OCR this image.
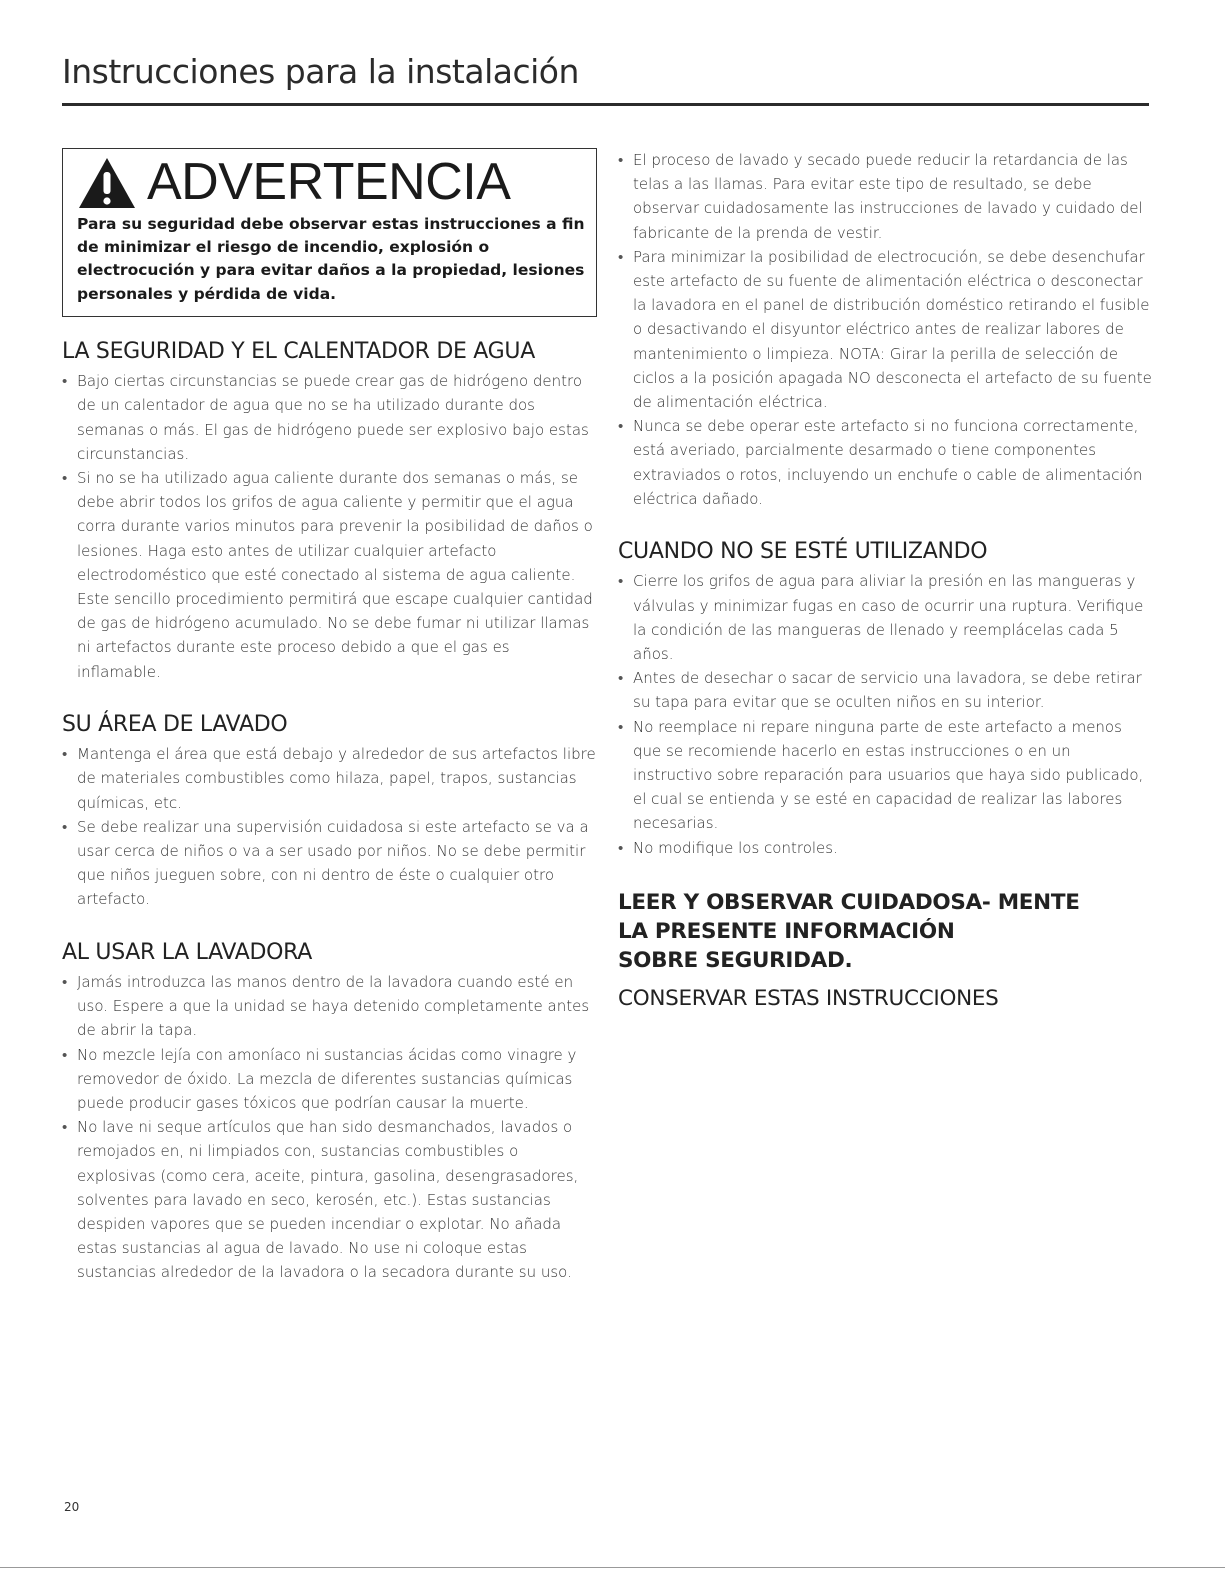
Instrucciones para la instalación
ADVERTENCIA

Para su seguridad debe observar estas instrucciones a fin de minimizar el riesgo de incendio, explosión o electrocución y para evitar daños a la propiedad, lesiones personales y pérdida de vida.

LA SEGURIDAD Y EL CALENTADOR DE AGUA
• Bajo ciertas circunstancias se puede crear gas de hidrógeno dentro de un calentador de agua que no se ha utilizado durante dos semanas o más. El gas de hidrógeno puede ser explosivo bajo estas circunstancias.
• Si no se ha utilizado agua caliente durante dos semanas o más, se debe abrir todos los grifos de agua caliente y permitir que el agua corra durante varios minutos para prevenir la posibilidad de daños o lesiones. Haga esto antes de utilizar cualquier artefacto electrodoméstico que esté conectado al sistema de agua caliente. Este sencillo procedimiento permitirá que escape cualquier cantidad de gas de hidrógeno acumulado. No se debe fumar ni utilizar llamas ni artefactos durante este proceso debido a que el gas es inflamable.
SU ÁREA DE LAVADO
• Mantenga el área que está debajo y alrededor de sus artefactos libre de materiales combustibles como hilaza, papel, trapos, sustancias químicas, etc.
• Se debe realizar una supervisión cuidadosa si este artefacto se va a usar cerca de niños o va a ser usado por niños. No se debe permitir que niños jueguen sobre, con ni dentro de éste o cualquier otro artefacto.
AL USAR LA LAVADORA
• Jamás introduzca las manos dentro de la lavadora cuando esté en uso. Espere a que la unidad se haya detenido completamente antes de abrir la tapa.
• No mezcle lejía con amoníaco ni sustancias ácidas como vinagre y removedor de óxido. La mezcla de diferentes sustancias químicas puede producir gases tóxicos que podrían causar la muerte.
• No lave ni seque artículos que han sido desmanchados, lavados o remojados en, ni limpiados con, sustancias combustibles o explosivas (como cera, aceite, pintura, gasolina, desengrasadores, solventes para lavado en seco, kerosén, etc.). Estas sustancias despiden vapores que se pueden incendiar o explotar. No añada estas sustancias al agua de lavado. No use ni coloque estas sustancias alrededor de la lavadora o la secadora durante su uso.
• El proceso de lavado y secado puede reducir la retardancia de las telas a las llamas. Para evitar este tipo de resultado, se debe observar cuidadosamente las instrucciones de lavado y cuidado del fabricante de la prenda de vestir.
• Para minimizar la posibilidad de electrocución, se debe desenchufar este artefacto de su fuente de alimentación eléctrica o desconectar la lavadora en el panel de distribución doméstico retirando el fusible o desactivando el disyuntor eléctrico antes de realizar labores de mantenimiento o limpieza. NOTA: Girar la perilla de selección de ciclos a la posición apagada NO desconecta el artefacto de su fuente de alimentación eléctrica.
• Nunca se debe operar este artefacto si no funciona correctamente, está averiado, parcialmente desarmado o tiene componentes extraviados o rotos, incluyendo un enchufe o cable de alimentación eléctrica dañado.
CUANDO NO SE ESTÉ UTILIZANDO
• Cierre los grifos de agua para aliviar la presión en las mangueras y válvulas y minimizar fugas en caso de ocurrir una ruptura. Verifique la condición de las mangueras de llenado y reemplácelas cada 5 años.
• Antes de desechar o sacar de servicio una lavadora, se debe retirar su tapa para evitar que se oculten niños en su interior.
• No reemplace ni repare ninguna parte de este artefacto a menos que se recomiende hacerlo en estas instrucciones o en un instructivo sobre reparación para usuarios que haya sido publicado, el cual se entienda y se esté en capacidad de realizar las labores necesarias.
• No modifique los controles.
LEER Y OBSERVAR CUIDADOSA- MENTE
LA PRESENTE INFORMACIÓN
SOBRE SEGURIDAD.
CONSERVAR ESTAS INSTRUCCIONES
20
